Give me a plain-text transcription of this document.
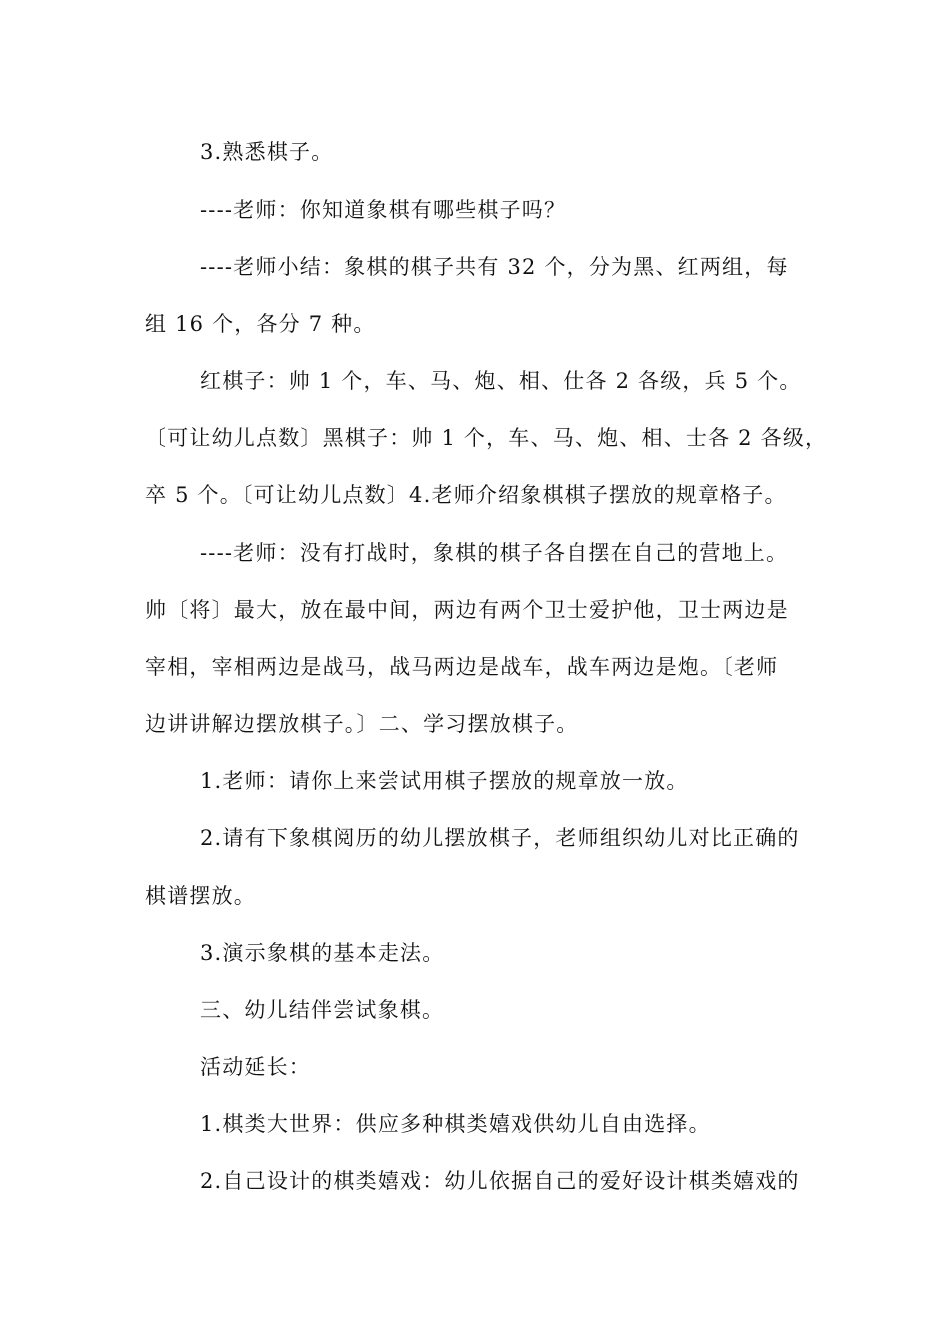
3.熟悉棋子。
----老师：你知道象棋有哪些棋子吗？
----老师小结：象棋的棋子共有 32 个，分为黑、红两组，每
组 16 个，各分 7 种。
红棋子：帅 1 个，车、马、炮、相、仕各 2 各级，兵 5 个。
〔可让幼儿点数〕黑棋子：帅 1 个，车、马、炮、相、士各 2 各级，
卒 5 个。〔可让幼儿点数〕4.老师介绍象棋棋子摆放的规章格子。
----老师：没有打战时，象棋的棋子各自摆在自己的营地上。
帅〔将〕最大，放在最中间，两边有两个卫士爱护他，卫士两边是
宰相，宰相两边是战马，战马两边是战车，战车两边是炮。〔老师
边讲讲解边摆放棋子。〕二、学习摆放棋子。
1.老师：请你上来尝试用棋子摆放的规章放一放。
2.请有下象棋阅历的幼儿摆放棋子，老师组织幼儿对比正确的
棋谱摆放。
3.演示象棋的基本走法。
三、幼儿结伴尝试象棋。
活动延长：
1.棋类大世界：供应多种棋类嬉戏供幼儿自由选择。
2.自己设计的棋类嬉戏：幼儿依据自己的爱好设计棋类嬉戏的
